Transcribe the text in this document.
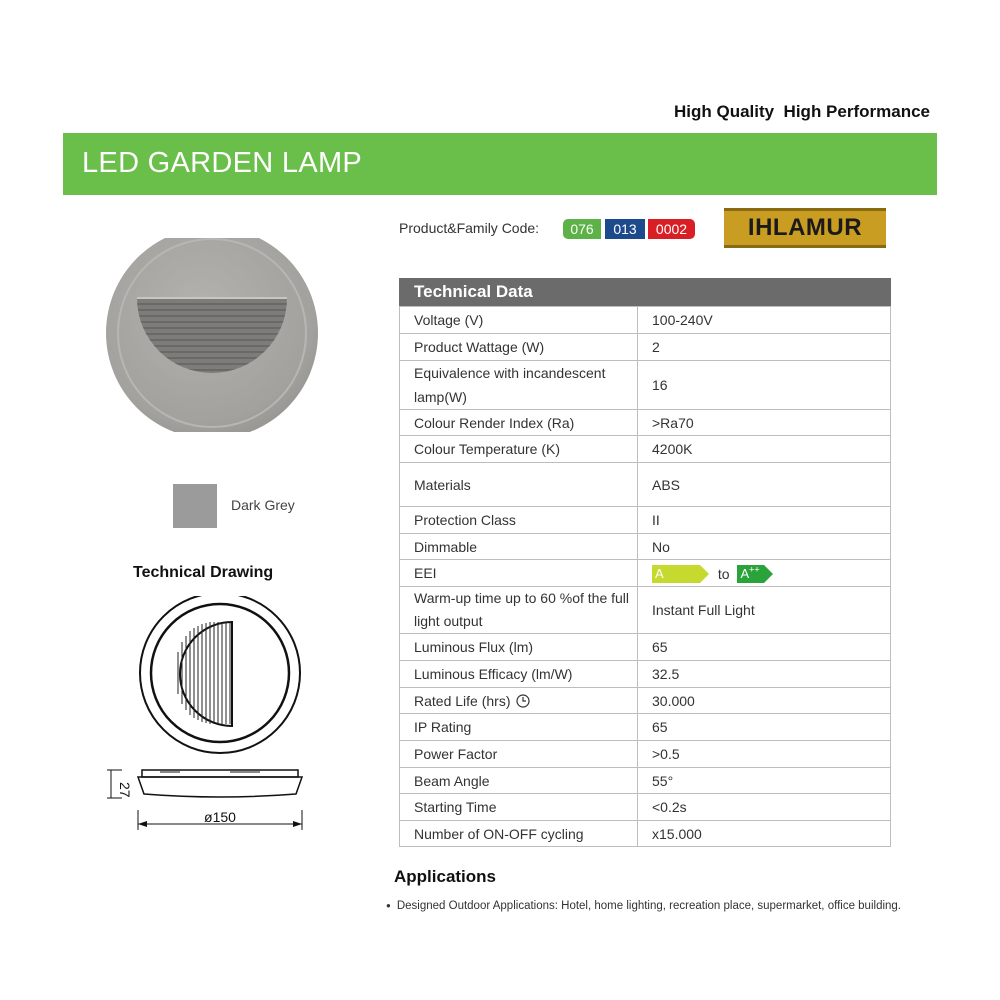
High Quality  High Performance
LED GARDEN LAMP
Product&Family Code:	076	013	0002	IHLAMUR
Dark Grey
Technical Drawing
27
ø150
Technical Data
Voltage (V)	100-240V
Product Wattage (W)	2
Equivalence with incandescent lamp(W)	16
Colour Render Index (Ra)	>Ra70
Colour Temperature (K)	4200K
Materials	ABS
Protection Class	II
Dimmable	No
EEI	A to A++
Warm-up time up to 60 %of the full light output	Instant Full Light
Luminous Flux (lm)	65
Luminous Efficacy (lm/W)	32.5
Rated Life (hrs)	30.000
IP Rating	65
Power Factor	>0.5
Beam Angle	55°
Starting Time	<0.2s
Number of ON-OFF cycling	x15.000
Applications
● Designed Outdoor Applications: Hotel, home lighting, recreation place, supermarket, office building.
